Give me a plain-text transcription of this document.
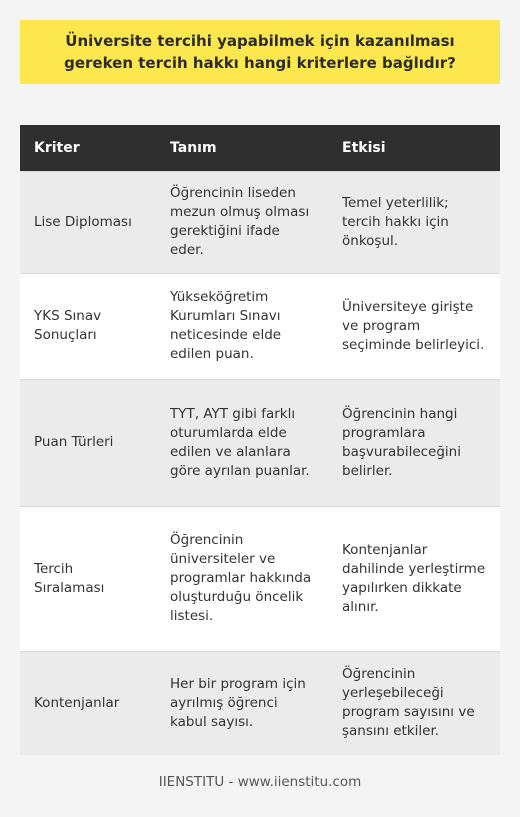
Üniversite tercihi yapabilmek için kazanılması gereken tercih hakkı hangi kriterlere bağlıdır?
Kriter	Tanım	Etkisi
Lise Diploması	Öğrencinin liseden mezun olmuş olması gerektiğini ifade eder.	Temel yeterlilik; tercih hakkı için önkoşul.
YKS Sınav Sonuçları	Yükseköğretim Kurumları Sınavı neticesinde elde edilen puan.	Üniversiteye girişte ve program seçiminde belirleyici.
Puan Türleri	TYT, AYT gibi farklı oturumlarda elde edilen ve alanlara göre ayrılan puanlar.	Öğrencinin hangi programlara başvurabileceğini belirler.
Tercih Sıralaması	Öğrencinin üniversiteler ve programlar hakkında oluşturduğu öncelik listesi.	Kontenjanlar dahilinde yerleştirme yapılırken dikkate alınır.
Kontenjanlar	Her bir program için ayrılmış öğrenci kabul sayısı.	Öğrencinin yerleşebileceği program sayısını ve şansını etkiler.
IIENSTITU - www.iienstitu.com
